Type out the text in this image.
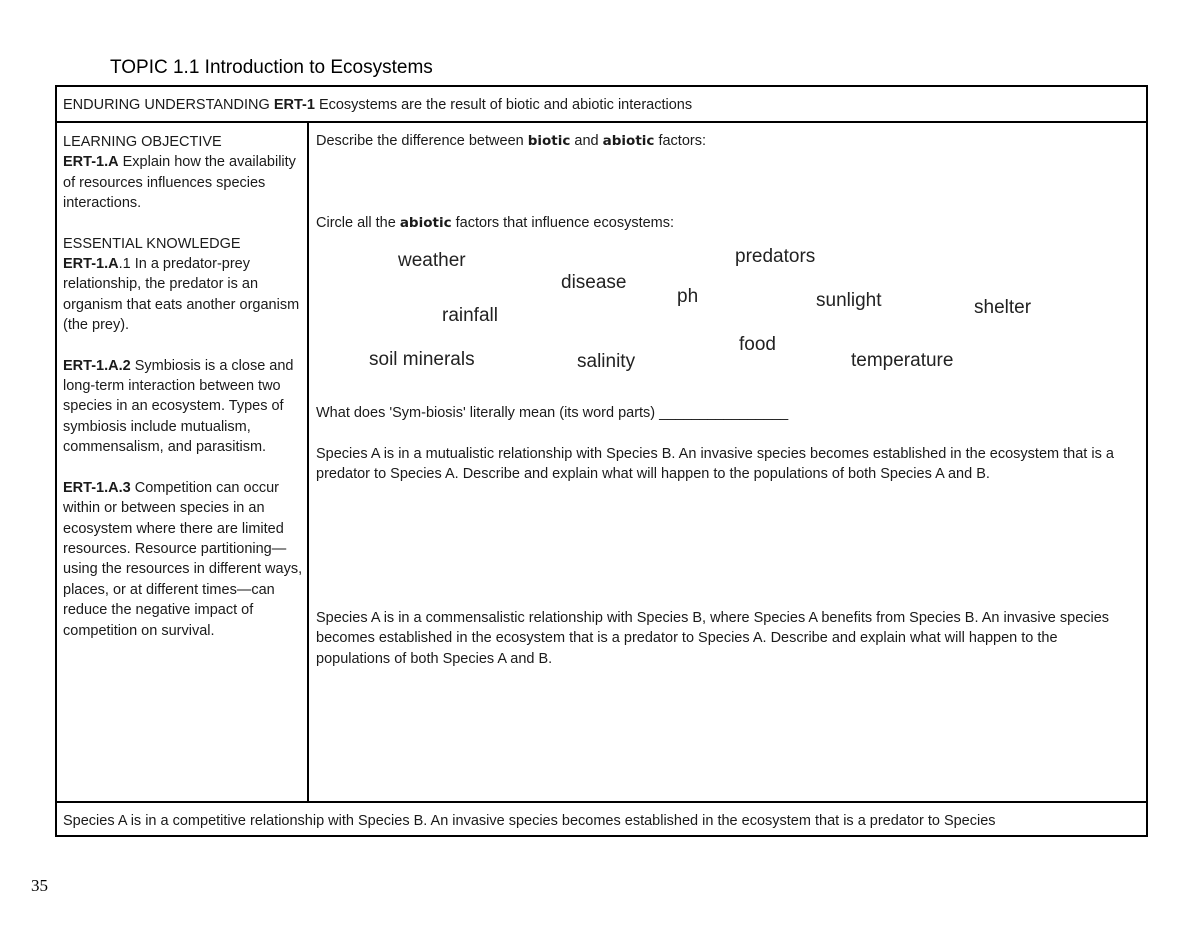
TOPIC 1.1 Introduction to Ecosystems
ENDURING UNDERSTANDING ERT-1 Ecosystems are the result of biotic and abiotic interactions

LEARNING OBJECTIVE
ERT-1.A Explain how the availability of resources influences species interactions.

ESSENTIAL KNOWLEDGE
ERT-1.A.1 In a predator-prey relationship, the predator is an organism that eats another organism (the prey).

ERT-1.A.2 Symbiosis is a close and long-term interaction between two species in an ecosystem. Types of symbiosis include mutualism, commensalism, and parasitism.

ERT-1.A.3 Competition can occur within or between species in an ecosystem where there are limited resources. Resource partitioning— using the resources in different ways, places, or at different times—can reduce the negative impact of competition on survival.

Describe the difference between biotic and abiotic factors:

Circle all the abiotic factors that influence ecosystems:

weather	predators
disease
ph	sunlight	shelter
rainfall
food
soil minerals	salinity	temperature

What does 'Sym-biosis' literally mean (its word parts) ________________

Species A is in a mutualistic relationship with Species B. An invasive species becomes established in the ecosystem that is a predator to Species A. Describe and explain what will happen to the populations of both Species A and B.

Species A is in a commensalistic relationship with Species B, where Species A benefits from Species B. An invasive species becomes established in the ecosystem that is a predator to Species A. Describe and explain what will happen to the populations of both Species A and B.

Species A is in a competitive relationship with Species B. An invasive species becomes established in the ecosystem that is a predator to Species
35
